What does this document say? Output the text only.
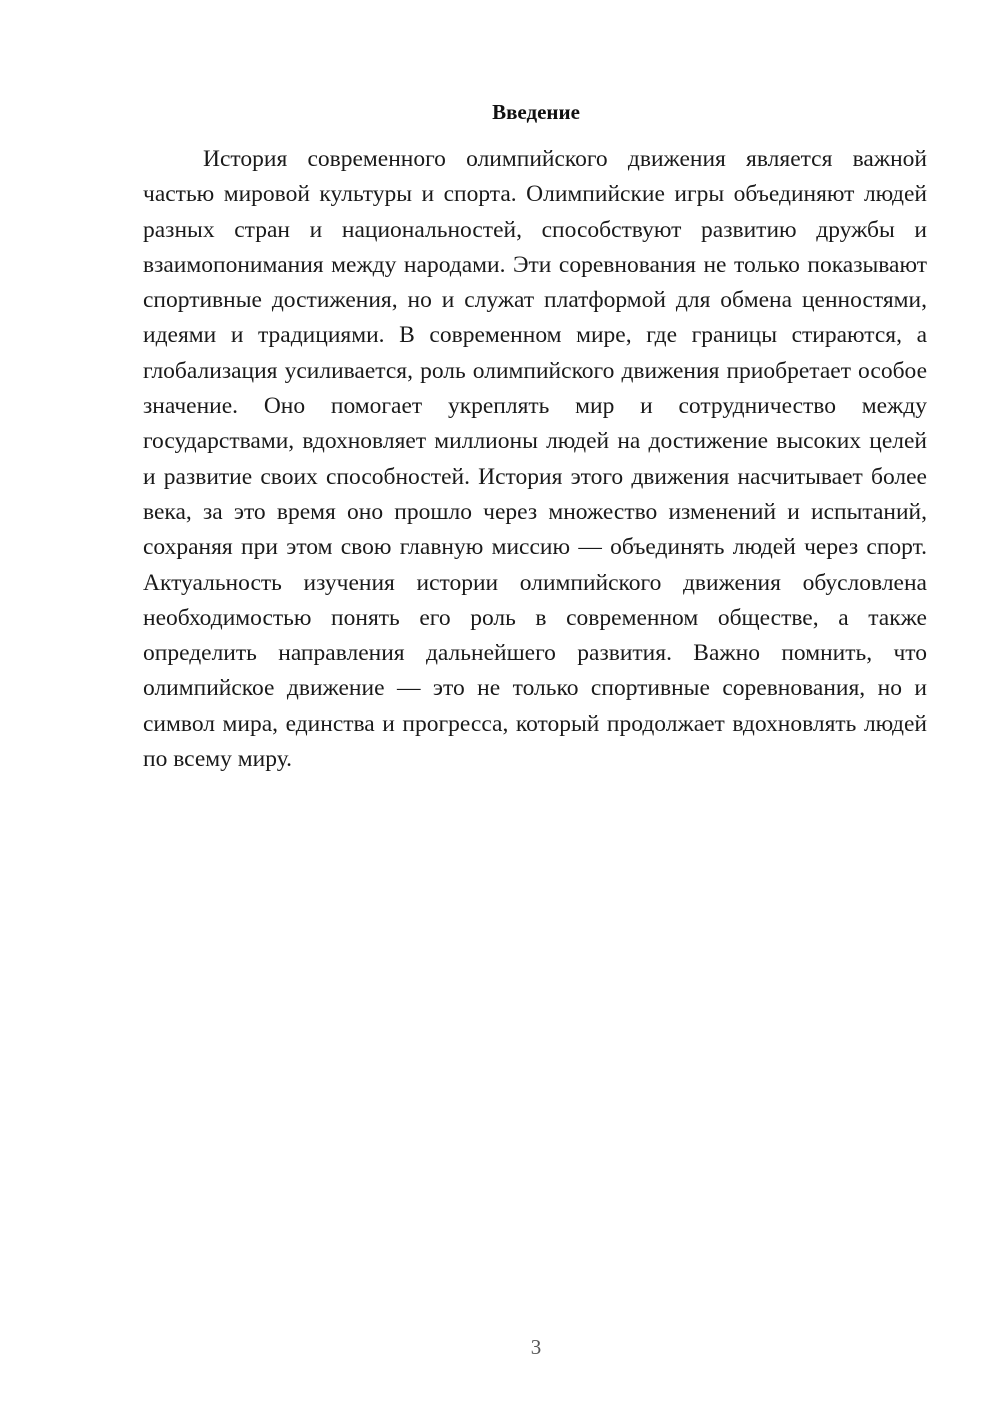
Введение

История современного олимпийского движения является важной частью мировой культуры и спорта. Олимпийские игры объединяют людей разных стран и национальностей, способствуют развитию дружбы и взаимопонимания между народами. Эти соревнования не только показывают спортивные достижения, но и служат платформой для обмена ценностями, идеями и традициями. В современном мире, где границы стираются, а глобализация усиливается, роль олимпийского движения приобретает особое значение. Оно помогает укреплять мир и сотрудничество между государствами, вдохновляет миллионы людей на достижение высоких целей и развитие своих способностей. История этого движения насчитывает более века, за это время оно прошло через множество изменений и испытаний, сохраняя при этом свою главную миссию — объединять людей через спорт. Актуальность изучения истории олимпийского движения обусловлена необходимостью понять его роль в современном обществе, а также определить направления дальнейшего развития. Важно помнить, что олимпийское движение — это не только спортивные соревнования, но и символ мира, единства и прогресса, который продолжает вдохновлять людей по всему миру.

3
